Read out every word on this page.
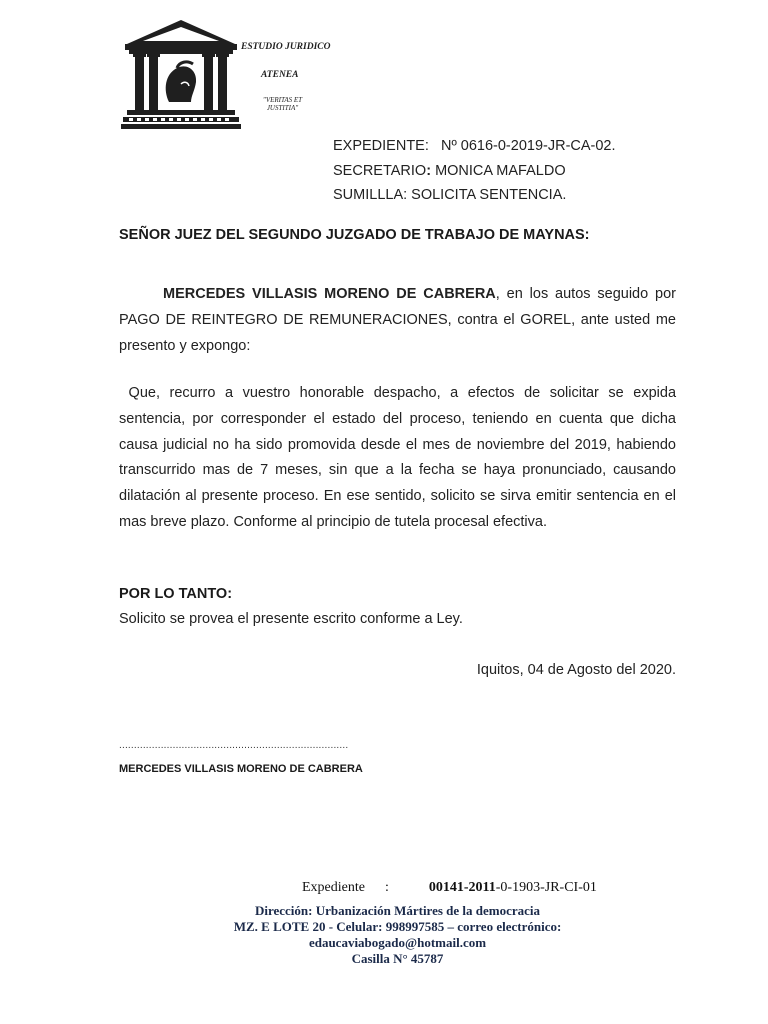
ESTUDIO JURIDICO
ATENEA
"VERITAS ET
JUSTITIA"
EXPEDIENTE: Nº 0616-0-2019-JR-CA-02.
SECRETARIO: MONICA MAFALDO
SUMILLLA: SOLICITA SENTENCIA.
SEÑOR JUEZ DEL SEGUNDO JUZGADO DE TRABAJO DE MAYNAS:
MERCEDES VILLASIS MORENO DE CABRERA, en los autos seguido por PAGO DE REINTEGRO DE REMUNERACIONES, contra el GOREL, ante usted me presento y expongo:
Que, recurro a vuestro honorable despacho, a efectos de solicitar se expida sentencia, por corresponder el estado del proceso, teniendo en cuenta que dicha causa judicial no ha sido promovida desde el mes de noviembre del 2019, habiendo transcurrido mas de 7 meses, sin que a la fecha se haya pronunciado, causando dilatación al presente proceso. En ese sentido, solicito se sirva emitir sentencia en el mas breve plazo. Conforme al principio de tutela procesal efectiva.
POR LO TANTO:
Solicito se provea el presente escrito conforme a Ley.
Iquitos, 04 de Agosto del 2020.
.............................................................................
MERCEDES VILLASIS MORENO DE CABRERA
Expediente :	00141-2011-0-1903-JR-CI-01
Dirección: Urbanización Mártires de la democracia
MZ. E LOTE 20 - Celular: 998997585 – correo electrónico:
edaucaviabogado@hotmail.com
Casilla N° 45787
